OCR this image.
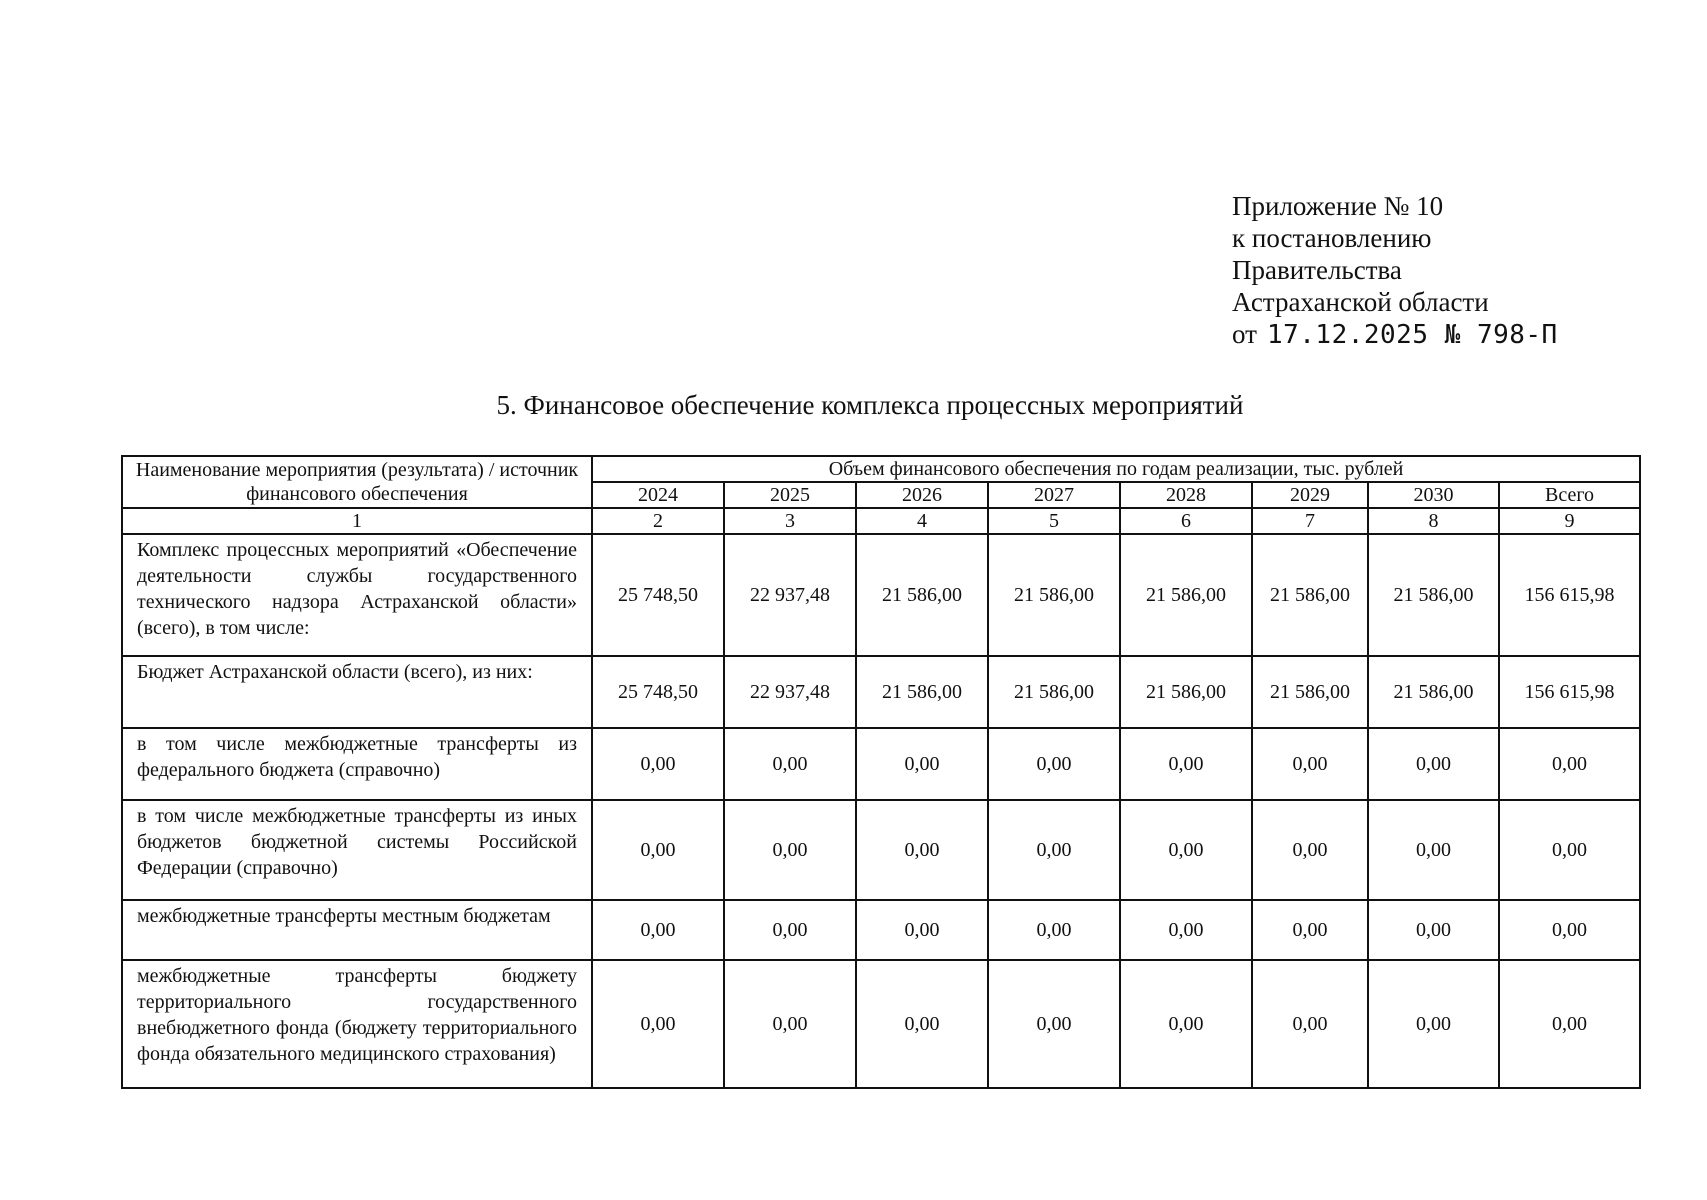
Приложение № 10
к постановлению
Правительства
Астраханской области
от 17.12.2025 № 798-П
5. Финансовое обеспечение комплекса процессных мероприятий
Наименование мероприятия (результата) / источник финансового обеспечения	Объем финансового обеспечения по годам реализации, тыс. рублей							
	2024	2025	2026	2027	2028	2029	2030	Всего
1	2	3	4	5	6	7	8	9
Комплекс процессных мероприятий «Обеспечение деятельности службы государственного технического надзора Астраханской области» (всего), в том числе:	25 748,50	22 937,48	21 586,00	21 586,00	21 586,00	21 586,00	21 586,00	156 615,98
Бюджет Астраханской области (всего), из них:	25 748,50	22 937,48	21 586,00	21 586,00	21 586,00	21 586,00	21 586,00	156 615,98
в том числе межбюджетные трансферты из федерального бюджета (справочно)	0,00	0,00	0,00	0,00	0,00	0,00	0,00	0,00
в том числе межбюджетные трансферты из иных бюджетов бюджетной системы Российской Федерации (справочно)	0,00	0,00	0,00	0,00	0,00	0,00	0,00	0,00
межбюджетные трансферты местным бюджетам	0,00	0,00	0,00	0,00	0,00	0,00	0,00	0,00
межбюджетные трансферты бюджету территориального государственного внебюджетного фонда (бюджету территориального фонда обязательного медицинского страхования)	0,00	0,00	0,00	0,00	0,00	0,00	0,00	0,00
